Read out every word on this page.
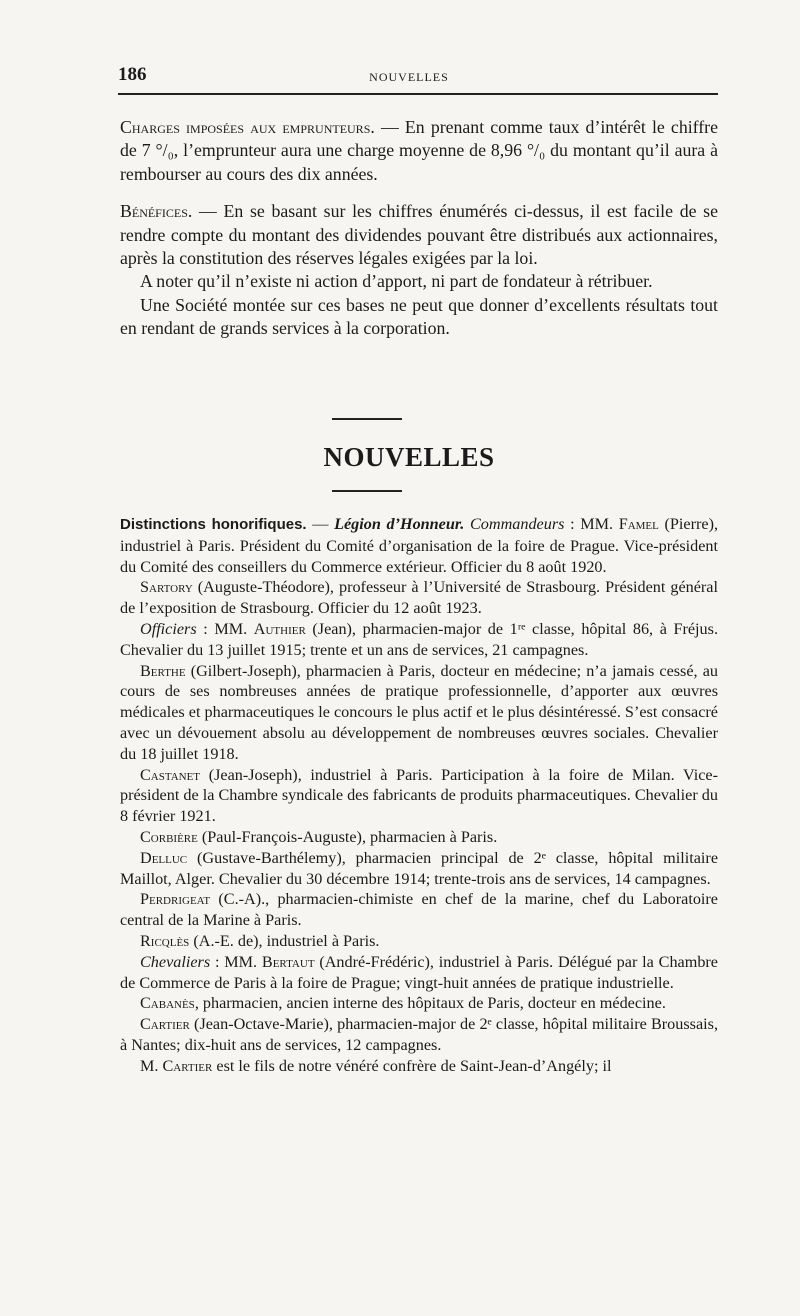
186	NOUVELLES

Charges imposées aux emprunteurs. — En prenant comme taux d’intérêt le chiffre de 7 °/₀, l’emprunteur aura une charge moyenne de 8,96 °/₀ du montant qu’il aura à rembourser au cours des dix années.

Bénéfices. — En se basant sur les chiffres énumérés ci-dessus, il est facile de se rendre compte du montant des dividendes pouvant être distribués aux actionnaires, après la constitution des réserves légales exigées par la loi.

A noter qu’il n’existe ni action d’apport, ni part de fondateur à rétribuer.

Une Société montée sur ces bases ne peut que donner d’excellents résultats tout en rendant de grands services à la corporation.

NOUVELLES

Distinctions honorifiques. — Légion d’Honneur. Commandeurs : MM. Famel (Pierre), industriel à Paris. Président du Comité d’organisation de la foire de Prague. Vice-président du Comité des conseillers du Commerce extérieur. Officier du 8 août 1920.

Sartory (Auguste-Théodore), professeur à l’Université de Strasbourg. Président général de l’exposition de Strasbourg. Officier du 12 août 1923.

Officiers : MM. Authier (Jean), pharmacien-major de 1ʳᵉ classe, hôpital 86, à Fréjus. Chevalier du 13 juillet 1915; trente et un ans de services, 21 campagnes.

Berthe (Gilbert-Joseph), pharmacien à Paris, docteur en médecine; n’a jamais cessé, au cours de ses nombreuses années de pratique professionnelle, d’apporter aux œuvres médicales et pharmaceutiques le concours le plus actif et le plus désintéressé. S’est consacré avec un dévouement absolu au développement de nombreuses œuvres sociales. Chevalier du 18 juillet 1918.

Castanet (Jean-Joseph), industriel à Paris. Participation à la foire de Milan. Vice-président de la Chambre syndicale des fabricants de produits pharmaceutiques. Chevalier du 8 février 1921.

Corbière (Paul-François-Auguste), pharmacien à Paris.

Delluc (Gustave-Barthélemy), pharmacien principal de 2ᵉ classe, hôpital militaire Maillot, Alger. Chevalier du 30 décembre 1914; trente-trois ans de services, 14 campagnes.

Perdrigeat (C.-A)., pharmacien-chimiste en chef de la marine, chef du Laboratoire central de la Marine à Paris.

Ricqlès (A.-E. de), industriel à Paris.

Chevaliers : MM. Bertaut (André-Frédéric), industriel à Paris. Délégué par la Chambre de Commerce de Paris à la foire de Prague; vingt-huit années de pratique industrielle.

Cabanès, pharmacien, ancien interne des hôpitaux de Paris, docteur en médecine.

Cartier (Jean-Octave-Marie), pharmacien-major de 2ᵉ classe, hôpital militaire Broussais, à Nantes; dix-huit ans de services, 12 campagnes.

M. Cartier est le fils de notre vénéré confrère de Saint-Jean-d’Angély; il
